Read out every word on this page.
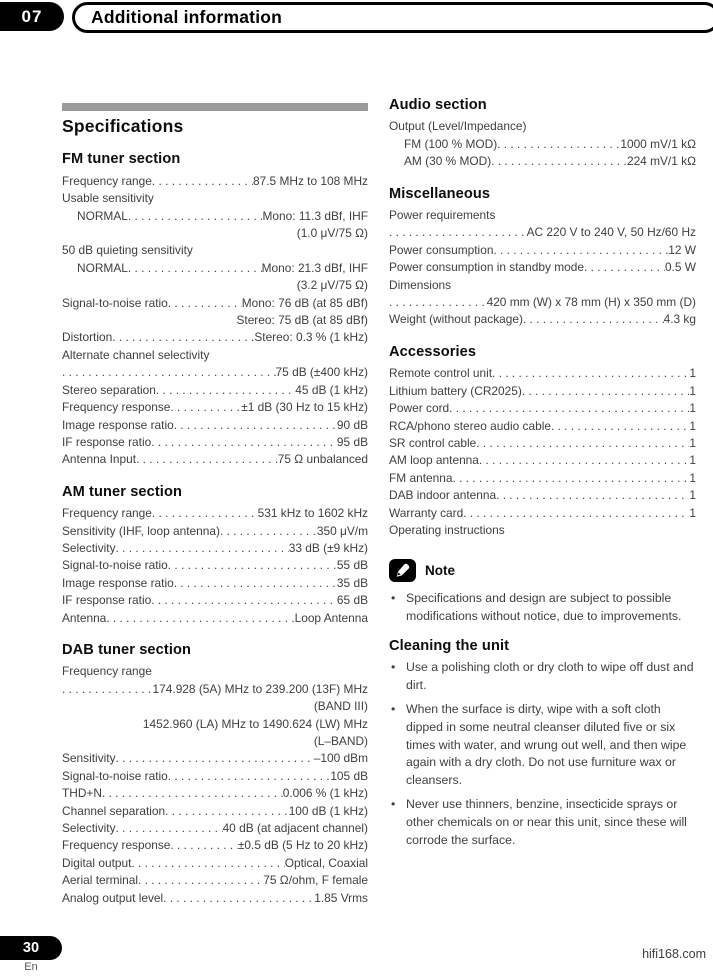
07	Additional information
Specifications
FM tuner section
Frequency range . . .	87.5 MHz to 108 MHz
Usable sensitivity
NORMAL . . .	Mono: 11.3 dBf, IHF
(1.0 μV/75 Ω)
50 dB quieting sensitivity
NORMAL . . .	Mono: 21.3 dBf, IHF
(3.2 μV/75 Ω)
Signal-to-noise ratio . . .	Mono: 76 dB (at 85 dBf)
Stereo: 75 dB (at 85 dBf)
Distortion . . .	Stereo: 0.3 % (1 kHz)
Alternate channel selectivity
. . .
75 dB (±400 kHz)
Stereo separation . . .	45 dB (1 kHz)
Frequency response . . .	±1 dB (30 Hz to 15 kHz)
Image response ratio . . .	90 dB
IF response ratio . . .	95 dB
Antenna Input . . .	75 Ω unbalanced
AM tuner section
Frequency range . . .	531 kHz to 1602 kHz
Sensitivity (IHF, loop antenna) . . .	350 μV/m
Selectivity . . .	33 dB (±9 kHz)
Signal-to-noise ratio . . .	55 dB
Image response ratio . . .	35 dB
IF response ratio . . .	65 dB
Antenna . . .	Loop Antenna
DAB tuner section
Frequency range
. . .
174.928 (5A) MHz to 239.200 (13F) MHz
(BAND III)
1452.960 (LA) MHz to 1490.624 (LW) MHz
(L–BAND)
Sensitivity . . .	–100 dBm
Signal-to-noise ratio . . .	105 dB
THD+N . . .	0.006 % (1 kHz)
Channel separation . . .	100 dB (1 kHz)
Selectivity . . .	40 dB (at adjacent channel)
Frequency response . . .	±0.5 dB (5 Hz to 20 kHz)
Digital output . . .	Optical, Coaxial
Aerial terminal . . .	75 Ω/ohm, F female
Analog output level . . .	1.85 Vrms
Audio section
Output (Level/Impedance)
FM (100 % MOD) . . .	1000 mV/1 kΩ
AM (30 % MOD) . . .	224 mV/1 kΩ
Miscellaneous
Power requirements
. . .
AC 220 V to 240 V, 50 Hz/60 Hz
Power consumption . . .	12 W
Power consumption in standby mode . . .	0.5 W
Dimensions
. . .
420 mm (W) x 78 mm (H) x 350 mm (D)
Weight (without package) . . .	4.3 kg
Accessories
Remote control unit . . .	1
Lithium battery (CR2025) . . .	1
Power cord . . .	1
RCA/phono stereo audio cable . . .	1
SR control cable . . .	1
AM loop antenna . . .	1
FM antenna . . .	1
DAB indoor antenna . . .	1
Warranty card . . .	1
Operating instructions
Note
• Specifications and design are subject to possible modifications without notice, due to improvements.
Cleaning the unit
• Use a polishing cloth or dry cloth to wipe off dust and dirt.
• When the surface is dirty, wipe with a soft cloth dipped in some neutral cleanser diluted five or six times with water, and wrung out well, and then wipe again with a dry cloth. Do not use furniture wax or cleansers.
• Never use thinners, benzine, insecticide sprays or other chemicals on or near this unit, since these will corrode the surface.
30
En
hifi168.com
